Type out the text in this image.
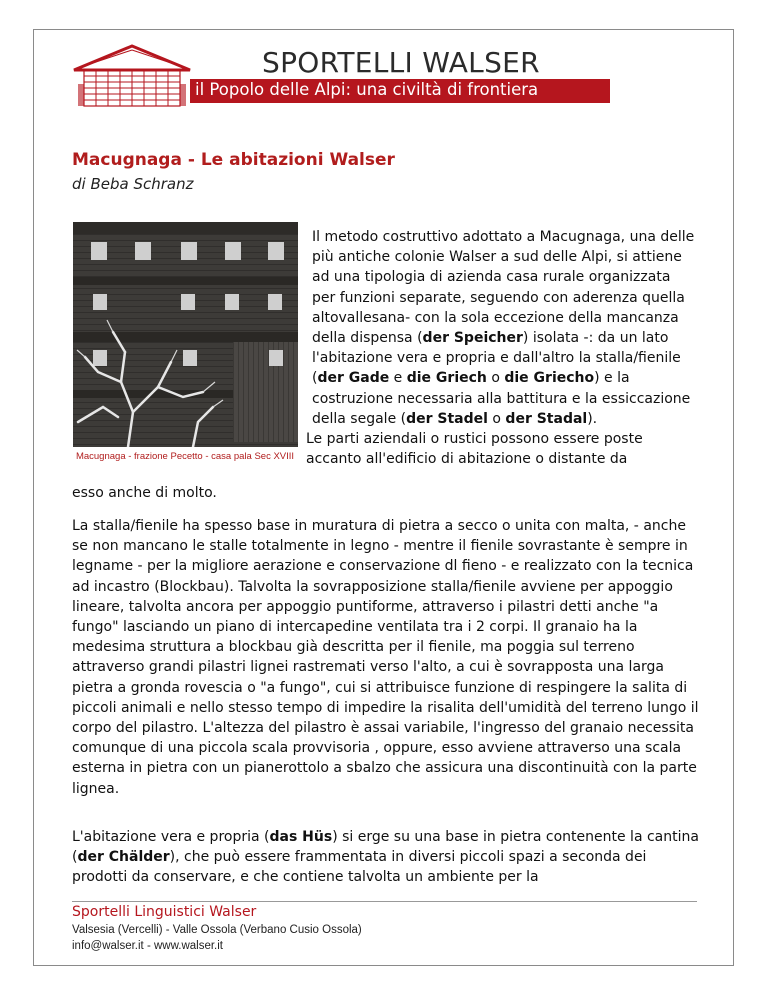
SPORTELLI WALSER
il Popolo delle Alpi: una civiltà di frontiera
Macugnaga - Le abitazioni Walser
di Beba Schranz
Macugnaga - frazione Pecetto - casa pala Sec XVIII
Il metodo costruttivo adottato a Macugnaga, una delle più antiche colonie Walser a sud delle Alpi, si attiene ad una tipologia di azienda casa rurale organizzata per funzioni separate, seguendo con aderenza quella altovallesana- con la sola eccezione della mancanza della dispensa (der Speicher) isolata -: da un lato l'abitazione vera e propria e dall'altro la stalla/fienile (der Gade e die Griech o die Griecho) e la costruzione necessaria alla battitura e la essiccazione della segale (der Stadel o der Stadal).
Le parti aziendali o rustici possono essere poste accanto all'edificio di abitazione o distante da
esso anche di molto.
La stalla/fienile ha spesso base in muratura di pietra a secco o unita con malta, - anche se non mancano le stalle totalmente in legno - mentre il fienile sovrastante è sempre in legname - per la migliore aerazione e conservazione dl fieno - e realizzato con la tecnica ad incastro (Blockbau). Talvolta la sovrapposizione stalla/fienile avviene per appoggio lineare, talvolta ancora per appoggio puntiforme, attraverso i pilastri detti anche "a fungo" lasciando un piano di intercapedine ventilata tra i 2 corpi. Il granaio ha la medesima struttura a blockbau già descritta per il fienile, ma poggia sul terreno attraverso grandi pilastri lignei rastremati verso l'alto, a cui è sovrapposta una larga pietra a gronda rovescia o "a fungo", cui si attribuisce funzione di respingere la salita di piccoli animali e nello stesso tempo di impedire la risalita dell'umidità del terreno lungo il corpo del pilastro. L'altezza del pilastro è assai variabile, l'ingresso del granaio necessita comunque di una piccola scala provvisoria , oppure, esso avviene attraverso una scala esterna in pietra con un pianerottolo a sbalzo che assicura una discontinuità con la parte lignea.
L'abitazione vera e propria (das Hüs) si erge su una base in pietra contenente la cantina (der Chälder), che può essere frammentata in diversi piccoli spazi a seconda dei prodotti da conservare, e che contiene talvolta un ambiente per la
Sportelli Linguistici Walser
Valsesia (Vercelli) - Valle Ossola (Verbano Cusio Ossola)
info@walser.it - www.walser.it
